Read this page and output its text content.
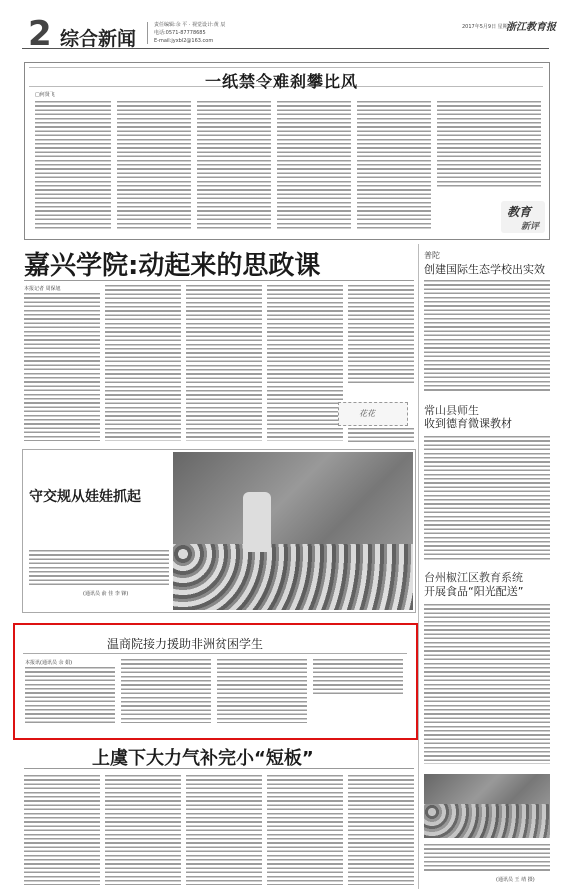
2 综合新闻
责任编辑:余 平 · 视觉设计:黄 辰
电话:0571-87778685
E-mail:jyxbl2@163.com
2017年5月9日 星期二
浙江教育报
一纸禁令难刹攀比风
□何贤飞
教育
新评
嘉兴学院:动起来的思政课
本报记者 周保旭
花花
守交规从娃娃抓起
(通讯员 俞 佳 李 锋)
温商院接力援助非洲贫困学生
本报讯(通讯员 余 娟)
上虞下大力气补完小“短板”
普陀
创建国际生态学校出实效
常山县师生
收到德育微课教材
台州椒江区教育系统
开展食品“阳光配送”
(通讯员 王 靖 摄)
